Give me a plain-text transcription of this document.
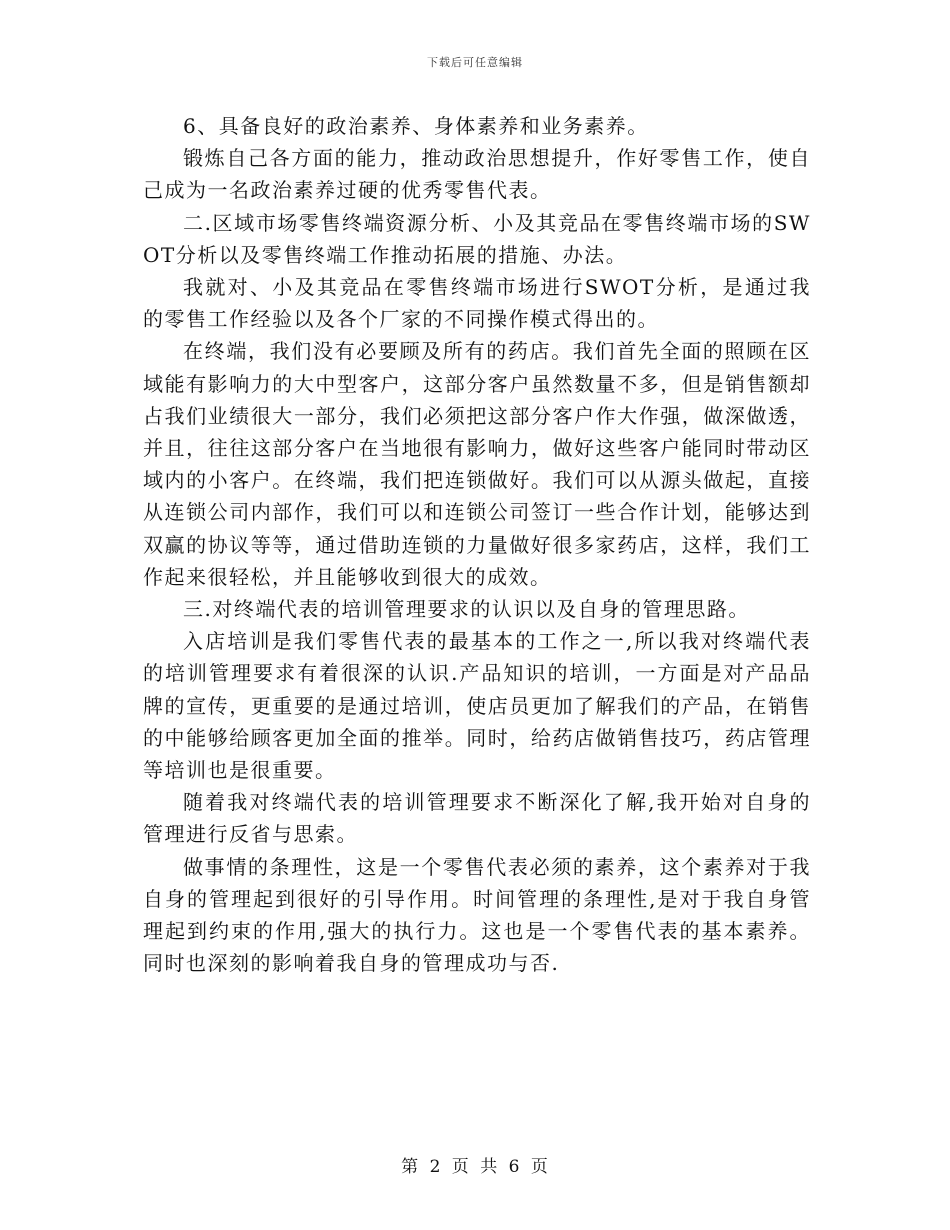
下载后可任意编辑

6、具备良好的政治素养、身体素养和业务素养。

锻炼自己各方面的能力，推动政治思想提升，作好零售工作，使自己成为一名政治素养过硬的优秀零售代表。

二.区域市场零售终端资源分析、小及其竞品在零售终端市场的SWOT分析以及零售终端工作推动拓展的措施、办法。

我就对、小及其竞品在零售终端市场进行SWOT分析，是通过我的零售工作经验以及各个厂家的不同操作模式得出的。

在终端，我们没有必要顾及所有的药店。我们首先全面的照顾在区域能有影响力的大中型客户，这部分客户虽然数量不多，但是销售额却占我们业绩很大一部分，我们必须把这部分客户作大作强，做深做透，并且，往往这部分客户在当地很有影响力，做好这些客户能同时带动区域内的小客户。在终端，我们把连锁做好。我们可以从源头做起，直接从连锁公司内部作，我们可以和连锁公司签订一些合作计划，能够达到双赢的协议等等，通过借助连锁的力量做好很多家药店，这样，我们工作起来很轻松，并且能够收到很大的成效。

三.对终端代表的培训管理要求的认识以及自身的管理思路。

入店培训是我们零售代表的最基本的工作之一,所以我对终端代表的培训管理要求有着很深的认识.产品知识的培训，一方面是对产品品牌的宣传，更重要的是通过培训，使店员更加了解我们的产品，在销售的中能够给顾客更加全面的推举。同时，给药店做销售技巧，药店管理等培训也是很重要。

随着我对终端代表的培训管理要求不断深化了解,我开始对自身的管理进行反省与思索。

做事情的条理性，这是一个零售代表必须的素养，这个素养对于我自身的管理起到很好的引导作用。时间管理的条理性,是对于我自身管理起到约束的作用,强大的执行力。这也是一个零售代表的基本素养。同时也深刻的影响着我自身的管理成功与否.

第 2 页 共 6 页
